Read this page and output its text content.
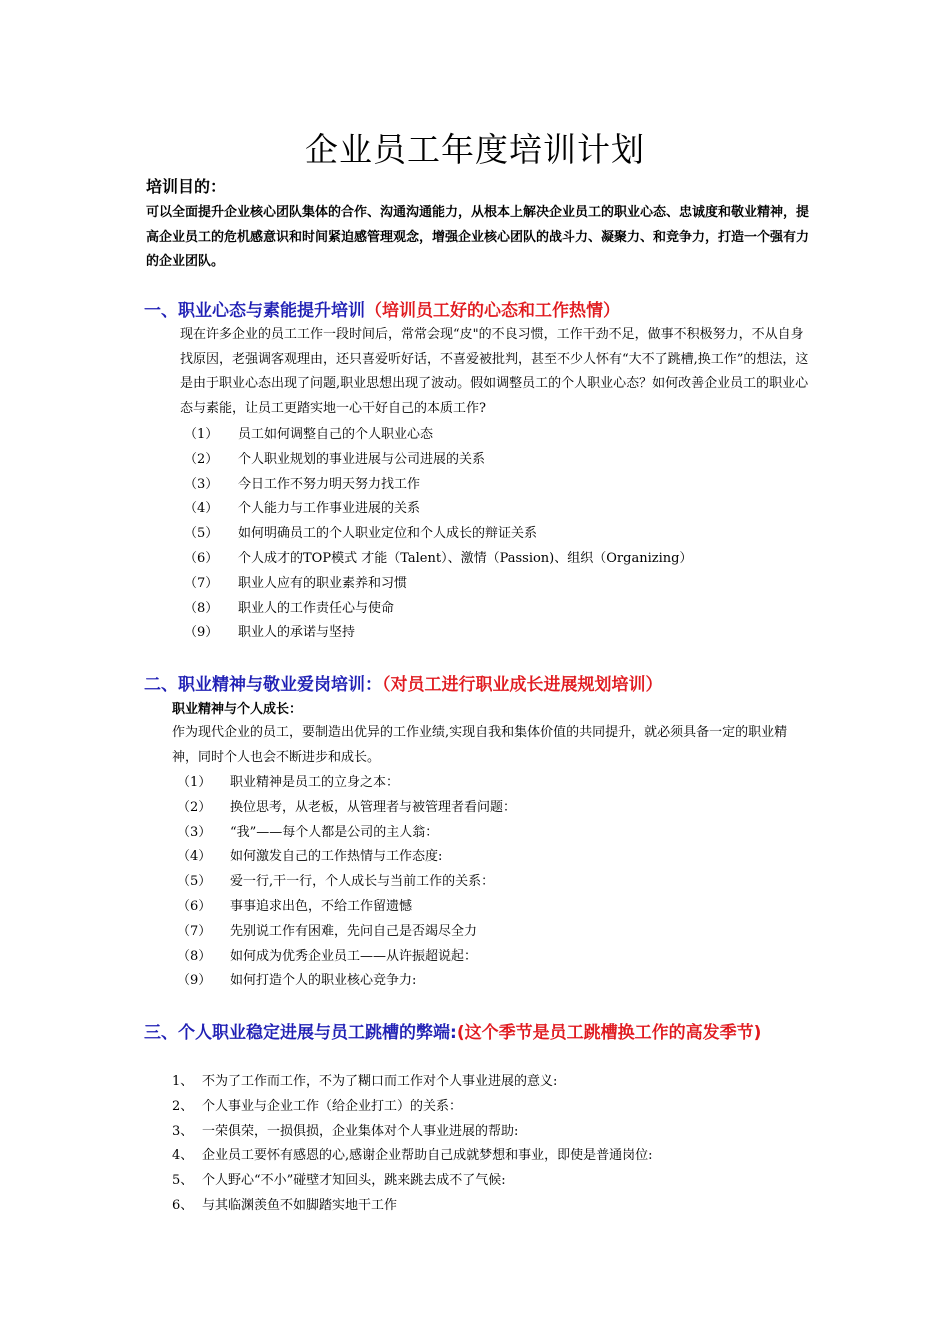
企业员工年度培训计划
培训目的：
可以全面提升企业核心团队集体的合作、沟通沟通能力，从根本上解决企业员工的职业心态、忠诚度和敬业精神，提高企业员工的危机感意识和时间紧迫感管理观念，增强企业核心团队的战斗力、凝聚力、和竞争力，打造一个强有力的企业团队。
一、职业心态与素能提升培训（培训员工好的心态和工作热情）
现在许多企业的员工工作一段时间后，常常会现“皮"的不良习惯，工作干劲不足，做事不积极努力，不从自身找原因，老强调客观理由，还只喜爱听好话，不喜爱被批判，甚至不少人怀有“大不了跳槽,换工作”的想法，这是由于职业心态出现了问题,职业思想出现了波动。假如调整员工的个人职业心态？如何改善企业员工的职业心态与素能，让员工更踏实地一心干好自己的本质工作?
（1） 员工如何调整自己的个人职业心态
（2） 个人职业规划的事业进展与公司进展的关系
（3） 今日工作不努力明天努力找工作
（4） 个人能力与工作事业进展的关系
（5） 如何明确员工的个人职业定位和个人成长的辩证关系
（6） 个人成才的TOP模式 才能（Talent）、激情（Passion)、组织（Organizing）
（7） 职业人应有的职业素养和习惯
（8） 职业人的工作责任心与使命
（9） 职业人的承诺与坚持
二、职业精神与敬业爱岗培训：（对员工进行职业成长进展规划培训）
职业精神与个人成长：
作为现代企业的员工，要制造出优异的工作业绩,实现自我和集体价值的共同提升，就必须具备一定的职业精神，同时个人也会不断进步和成长。
（1） 职业精神是员工的立身之本：
（2） 换位思考，从老板，从管理者与被管理者看问题：
（3） “我”——每个人都是公司的主人翁：
（4） 如何激发自己的工作热情与工作态度:
（5） 爱一行,干一行，个人成长与当前工作的关系：
（6） 事事追求出色，不给工作留遗憾
（7） 先别说工作有困难，先问自己是否竭尽全力
（8） 如何成为优秀企业员工——从许振超说起：
（9） 如何打造个人的职业核心竞争力:
三、个人职业稳定进展与员工跳槽的弊端:(这个季节是员工跳槽换工作的高发季节)
1、 不为了工作而工作，不为了糊口而工作对个人事业进展的意义:
2、 个人事业与企业工作（给企业打工）的关系：
3、 一荣俱荣，一损俱损，企业集体对个人事业进展的帮助:
4、 企业员工要怀有感恩的心,感谢企业帮助自己成就梦想和事业，即使是普通岗位:
5、 个人野心“不小”碰壁才知回头，跳来跳去成不了气候:
6、 与其临渊羡鱼不如脚踏实地干工作
